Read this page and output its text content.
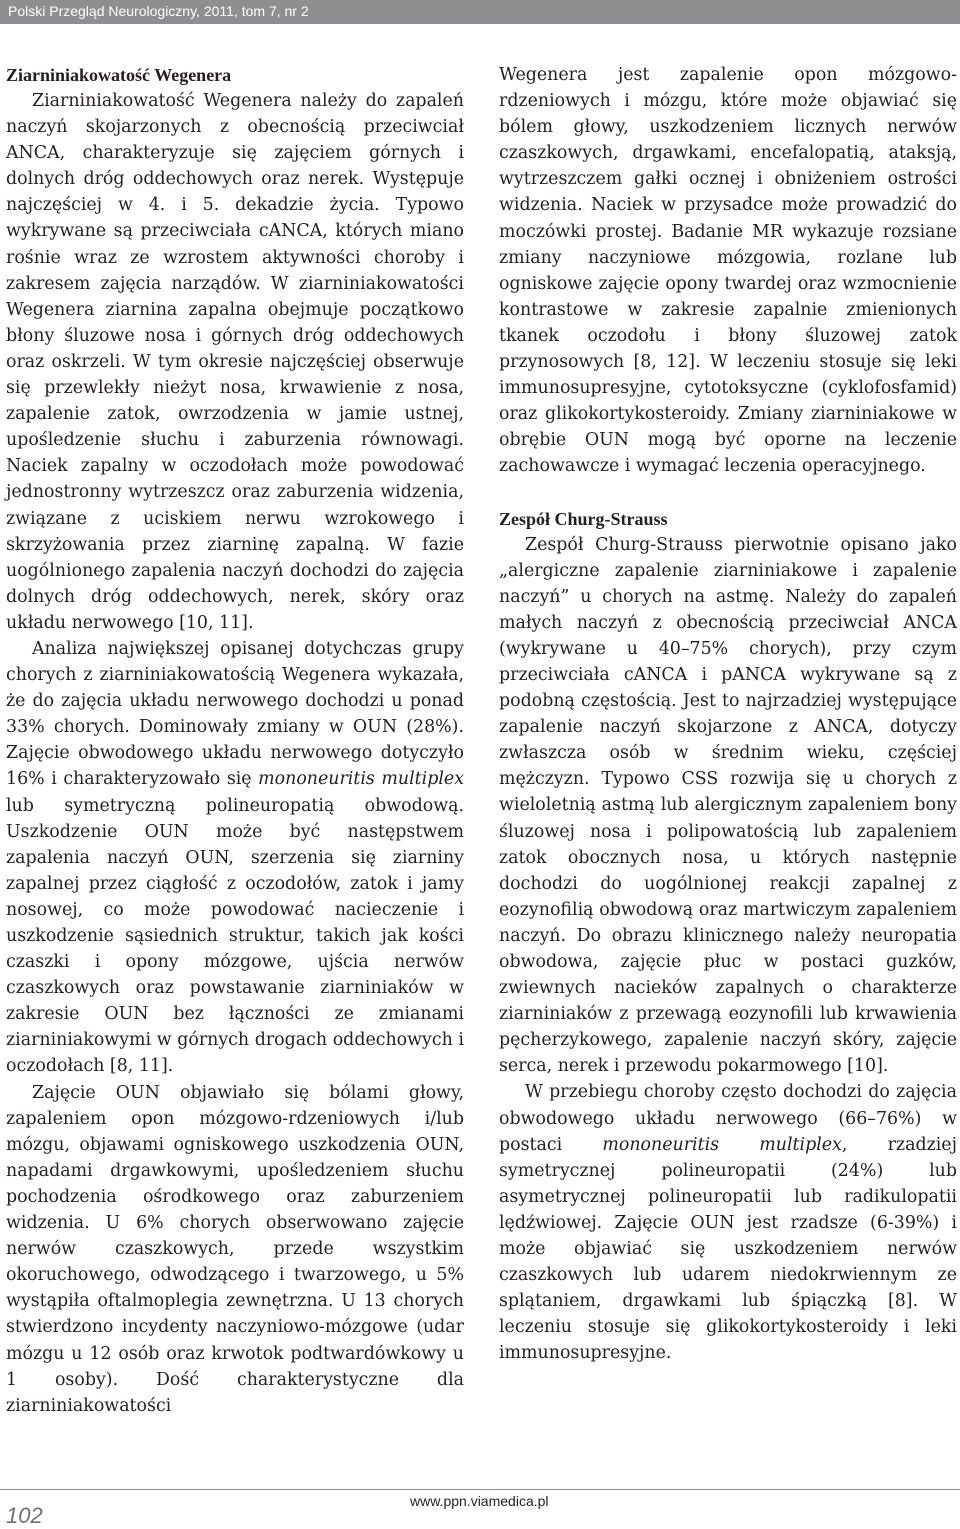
Polski Przegląd Neurologiczny, 2011, tom 7, nr 2
Ziarniniakowatość Wegenera

Ziarniniakowatość Wegenera należy do zapaleń naczyń skojarzonych z obecnością przeciwciał ANCA, charakteryzuje się zajęciem górnych i dolnych dróg oddechowych oraz nerek. Występuje najczęściej w 4. i 5. dekadzie życia. Typowo wykrywane są przeciwciała cANCA, których miano rośnie wraz ze wzrostem aktywności choroby i zakresem zajęcia narządów. W ziarniniakowatości Wegenera ziarnina zapalna obejmuje początkowo błony śluzowe nosa i górnych dróg oddechowych oraz oskrzeli. W tym okresie najczęściej obserwuje się przewlekły nieżyt nosa, krwawienie z nosa, zapalenie zatok, owrzodzenia w jamie ustnej, upośledzenie słuchu i zaburzenia równowagi. Naciek zapalny w oczodołach może powodować jednostronny wytrzeszcz oraz zaburzenia widzenia, związane z uciskiem nerwu wzrokowego i skrzyżowania przez ziarninę zapalną. W fazie uogólnionego zapalenia naczyń dochodzi do zajęcia dolnych dróg oddechowych, nerek, skóry oraz układu nerwowego [10, 11].

Analiza największej opisanej dotychczas grupy chorych z ziarniniakowatością Wegenera wykazała, że do zajęcia układu nerwowego dochodzi u ponad 33% chorych. Dominowały zmiany w OUN (28%). Zajęcie obwodowego układu nerwowego dotyczyło 16% i charakteryzowało się mononeuritis multiplex lub symetryczną polineuropatią obwodową. Uszkodzenie OUN może być następstwem zapalenia naczyń OUN, szerzenia się ziarniny zapalnej przez ciągłość z oczodołów, zatok i jamy nosowej, co może powodować nacieczenie i uszkodzenie sąsiednich struktur, takich jak kości czaszki i opony mózgowe, ujścia nerwów czaszkowych oraz powstawanie ziarniniaków w zakresie OUN bez łączności ze zmianami ziarniniakowymi w górnych drogach oddechowych i oczodołach [8, 11].

Zajęcie OUN objawiało się bólami głowy, zapaleniem opon mózgowo-rdzeniowych i/lub mózgu, objawami ogniskowego uszkodzenia OUN, napadami drgawkowymi, upośledzeniem słuchu pochodzenia ośrodkowego oraz zaburzeniem widzenia. U 6% chorych obserwowano zajęcie nerwów czaszkowych, przede wszystkim okoruchowego, odwodzącego i twarzowego, u 5% wystąpiła oftalmoplegia zewnętrzna. U 13 chorych stwierdzono incydenty naczyniowo-mózgowe (udar mózgu u 12 osób oraz krwotok podtwardówkowy u 1 osoby). Dość charakterystyczne dla ziarniniakowatości

Wegenera jest zapalenie opon mózgowo-rdzeniowych i mózgu, które może objawiać się bólem głowy, uszkodzeniem licznych nerwów czaszkowych, drgawkami, encefalopatią, ataksją, wytrzeszczem gałki ocznej i obniżeniem ostrości widzenia. Naciek w przysadce może prowadzić do moczówki prostej. Badanie MR wykazuje rozsiane zmiany naczyniowe mózgowia, rozlane lub ogniskowe zajęcie opony twardej oraz wzmocnienie kontrastowe w zakresie zapalnie zmienionych tkanek oczodołu i błony śluzowej zatok przynosowych [8, 12]. W leczeniu stosuje się leki immunosupresyjne, cytotoksyczne (cyklofosfamid) oraz glikokortykosteroidy. Zmiany ziarniniakowe w obrębie OUN mogą być oporne na leczenie zachowawcze i wymagać leczenia operacyjnego.

Zespół Churg-Strauss

Zespół Churg-Strauss pierwotnie opisano jako „alergiczne zapalenie ziarniniakowe i zapalenie naczyń” u chorych na astmę. Należy do zapaleń małych naczyń z obecnością przeciwciał ANCA (wykrywane u 40–75% chorych), przy czym przeciwciała cANCA i pANCA wykrywane są z podobną częstością. Jest to najrzadziej występujące zapalenie naczyń skojarzone z ANCA, dotyczy zwłaszcza osób w średnim wieku, częściej mężczyzn. Typowo CSS rozwija się u chorych z wieloletnią astmą lub alergicznym zapaleniem bony śluzowej nosa i polipowatością lub zapaleniem zatok obocznych nosa, u których następnie dochodzi do uogólnionej reakcji zapalnej z eozynofilią obwodową oraz martwiczym zapaleniem naczyń. Do obrazu klinicznego należy neuropatia obwodowa, zajęcie płuc w postaci guzków, zwiewnych nacieków zapalnych o charakterze ziarniniaków z przewagą eozynofili lub krwawienia pęcherzykowego, zapalenie naczyń skóry, zajęcie serca, nerek i przewodu pokarmowego [10].

W przebiegu choroby często dochodzi do zajęcia obwodowego układu nerwowego (66–76%) w postaci mononeuritis multiplex, rzadziej symetrycznej polineuropatii (24%) lub asymetrycznej polineuropatii lub radikulopatii lędźwiowej. Zajęcie OUN jest rzadsze (6-39%) i może objawiać się uszkodzeniem nerwów czaszkowych lub udarem niedokrwiennym ze splątaniem, drgawkami lub śpiączką [8]. W leczeniu stosuje się glikokortykosteroidy i leki immunosupresyjne.

102
www.ppn.viamedica.pl
